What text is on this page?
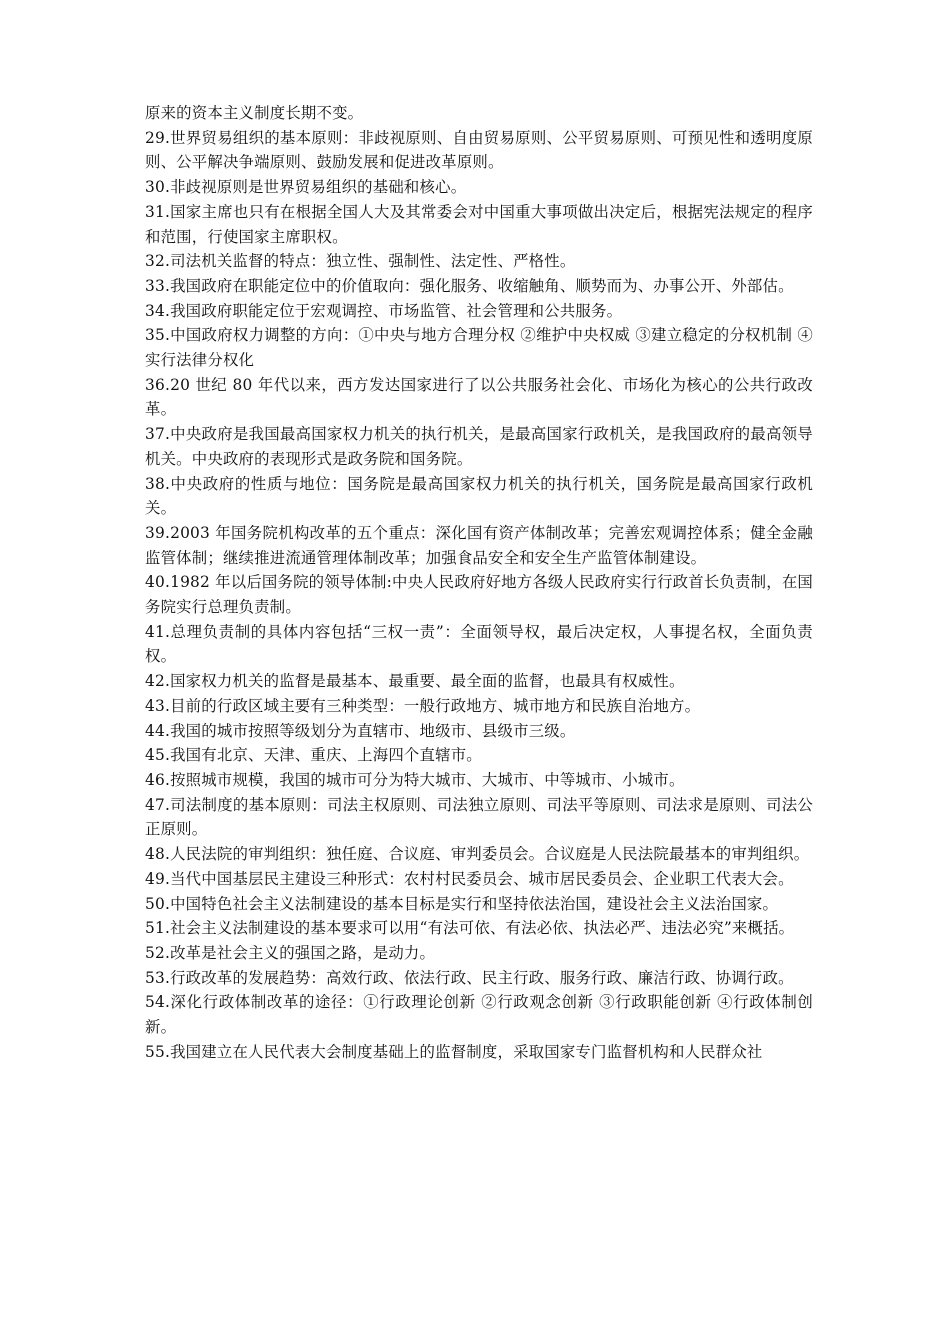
原来的资本主义制度长期不变。

29.世界贸易组织的基本原则：非歧视原则、自由贸易原则、公平贸易原则、可预见性和透明度原则、公平解决争端原则、鼓励发展和促进改革原则。

30.非歧视原则是世界贸易组织的基础和核心。

31.国家主席也只有在根据全国人大及其常委会对中国重大事项做出决定后，根据宪法规定的程序和范围，行使国家主席职权。

32.司法机关监督的特点：独立性、强制性、法定性、严格性。

33.我国政府在职能定位中的价值取向：强化服务、收缩触角、顺势而为、办事公开、外部估。

34.我国政府职能定位于宏观调控、市场监管、社会管理和公共服务。

35.中国政府权力调整的方向：①中央与地方合理分权 ②维护中央权威 ③建立稳定的分权机制 ④实行法律分权化

36.20 世纪 80 年代以来，西方发达国家进行了以公共服务社会化、市场化为核心的公共行政改革。

37.中央政府是我国最高国家权力机关的执行机关，是最高国家行政机关，是我国政府的最高领导机关。中央政府的表现形式是政务院和国务院。

38.中央政府的性质与地位：国务院是最高国家权力机关的执行机关，国务院是最高国家行政机关。

39.2003 年国务院机构改革的五个重点：深化国有资产体制改革；完善宏观调控体系；健全金融监管体制；继续推进流通管理体制改革；加强食品安全和安全生产监管体制建设。

40.1982 年以后国务院的领导体制:中央人民政府好地方各级人民政府实行行政首长负责制，在国务院实行总理负责制。

41.总理负责制的具体内容包括“三权一责”：全面领导权，最后决定权，人事提名权，全面负责权。

42.国家权力机关的监督是最基本、最重要、最全面的监督，也最具有权威性。

43.目前的行政区域主要有三种类型：一般行政地方、城市地方和民族自治地方。

44.我国的城市按照等级划分为直辖市、地级市、县级市三级。

45.我国有北京、天津、重庆、上海四个直辖市。

46.按照城市规模，我国的城市可分为特大城市、大城市、中等城市、小城市。

47.司法制度的基本原则：司法主权原则、司法独立原则、司法平等原则、司法求是原则、司法公正原则。

48.人民法院的审判组织：独任庭、合议庭、审判委员会。合议庭是人民法院最基本的审判组织。

49.当代中国基层民主建设三种形式：农村村民委员会、城市居民委员会、企业职工代表大会。

50.中国特色社会主义法制建设的基本目标是实行和坚持依法治国，建设社会主义法治国家。

51.社会主义法制建设的基本要求可以用“有法可依、有法必依、执法必严、违法必究”来概括。

52.改革是社会主义的强国之路，是动力。

53.行政改革的发展趋势：高效行政、依法行政、民主行政、服务行政、廉洁行政、协调行政。

54.深化行政体制改革的途径：①行政理论创新 ②行政观念创新 ③行政职能创新 ④行政体制创新。

55.我国建立在人民代表大会制度基础上的监督制度，采取国家专门监督机构和人民群众社
